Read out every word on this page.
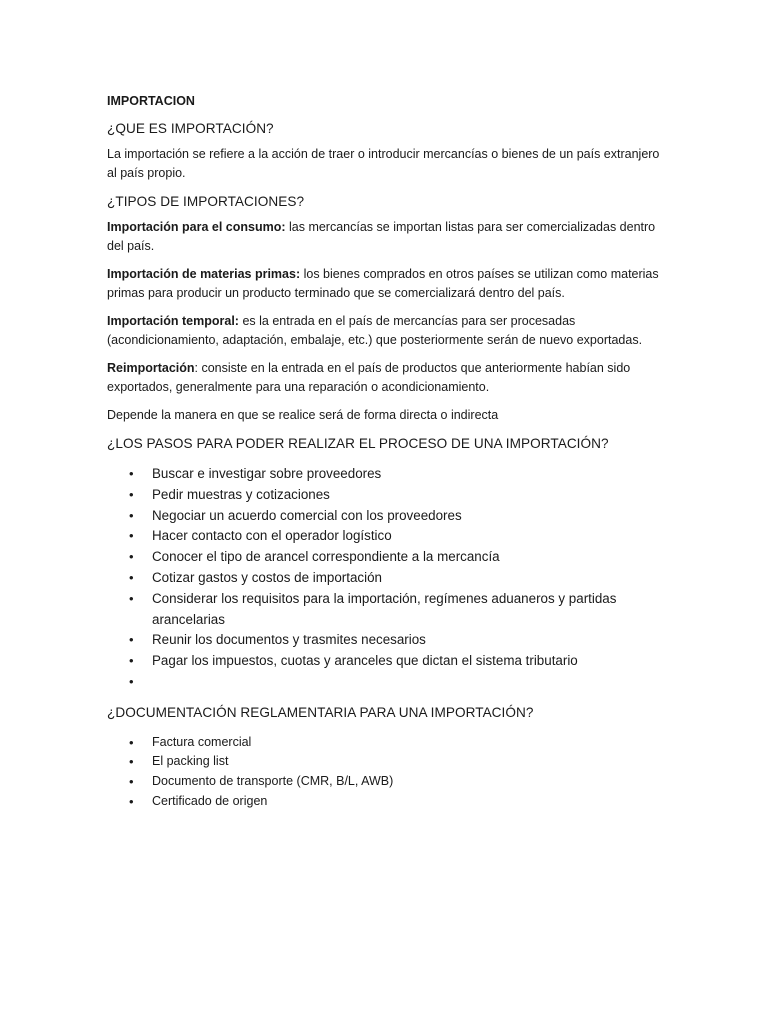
IMPORTACION
¿QUE ES IMPORTACIÓN?

La importación se refiere a la acción de traer o introducir mercancías o bienes de un país extranjero al país propio.

¿TIPOS DE IMPORTACIONES?

Importación para el consumo: las mercancías se importan listas para ser comercializadas dentro del país.

Importación de materias primas: los bienes comprados en otros países se utilizan como materias primas para producir un producto terminado que se comercializará dentro del país.

Importación temporal: es la entrada en el país de mercancías para ser procesadas (acondicionamiento, adaptación, embalaje, etc.) que posteriormente serán de nuevo exportadas.

Reimportación: consiste en la entrada en el país de productos que anteriormente habían sido exportados, generalmente para una reparación o acondicionamiento.

Depende la manera en que se realice será de forma directa o indirecta

¿LOS PASOS PARA PODER REALIZAR EL PROCESO DE UNA IMPORTACIÓN?
• Buscar e investigar sobre proveedores
• Pedir muestras y cotizaciones
• Negociar un acuerdo comercial con los proveedores
• Hacer contacto con el operador logístico
• Conocer el tipo de arancel correspondiente a la mercancía
• Cotizar gastos y costos de importación
• Considerar los requisitos para la importación, regímenes aduaneros y partidas arancelarias
• Reunir los documentos y trasmites necesarios
• Pagar los impuestos, cuotas y aranceles que dictan el sistema tributario
•

¿DOCUMENTACIÓN REGLAMENTARIA PARA UNA IMPORTACIÓN?
• Factura comercial
• El packing list
• Documento de transporte (CMR, B/L, AWB)
• Certificado de origen
